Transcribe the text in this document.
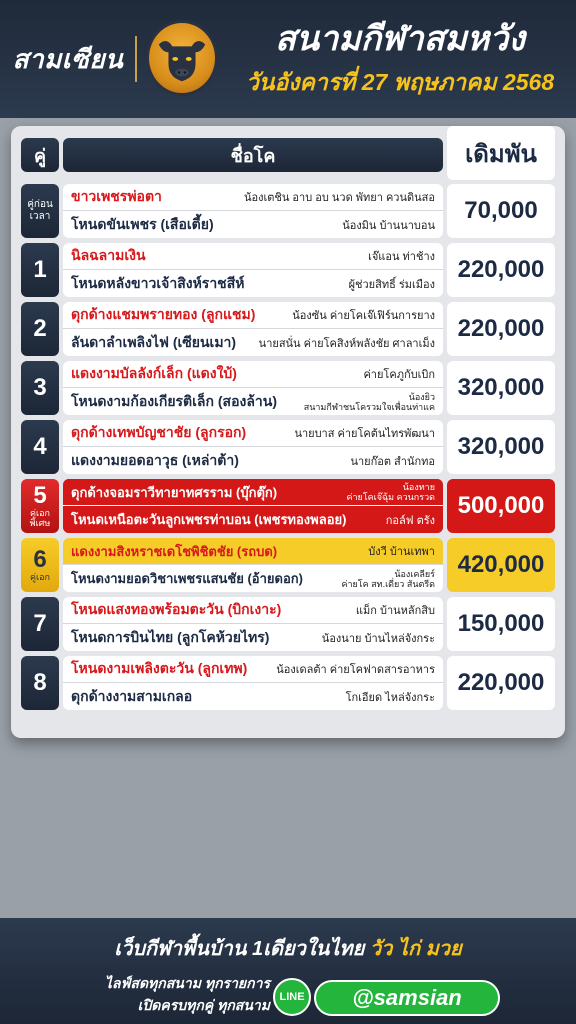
สามเซียน
สนามกีฬาสมหวัง
วันอังคารที่ 27 พฤษภาคม 2568
คู่	ชื่อโค	เดิมพัน
คู่ก่อน
เวลา
ขาวเพชรพ่อตา	น้องเตชิน อาบ อบ นวด พัทยา ควนดินสอ
โหนดขันเพชร (เสือเตี้ย)	น้องมิน บ้านนาบอน
70,000
1
นิลฉลามเงิน	เจ๊แอน ท่าช้าง
โหนดหลังขาวเจ้าสิงห์ราชสีห์	ผู้ช่วยสิทธิ์ ร่มเมือง
220,000
2
ดุกด้างแชมพรายทอง (ลูกแชม)	น้องซัน ค่ายโคเจ๊เฟิร์นการยาง
ลันดาลำเพลิงไฟ (เซียนเมา) นายสนั่น ค่ายโคสิงห์พลังชัย ศาลาเม็ง
220,000
3
แดงงามบัลลังก์เล็ก (แดงใบ้)	ค่ายโคภูกับเบิก
โหนดงามก้องเกียรติเล็ก (สองล้าน)	น้องยิว
สนามกีฬาชนโครวมใจเพื่อนท่าแค
320,000
4
ดุกด้างเทพบัญชาชัย (ลูกรอก)	นายบาส ค่ายโคต้นไทรพัฒนา
แดงงามยอดอาวุธ (เหล่าต้า)	นายก๊อต สำนักทอ
320,000
5
คู่เอก
พิเศษ
ดุกด้างจอมราวีทายาทศรราม (บุ๊กตุ๊ก)	น้องทาย
ค่ายโคเจ๊ฉุ้ม ควนกรวด
โหนดเหนือตะวันลูกเพชรท่าบอน (เพชรทองพลอย)	กอล์ฟ ตรัง
500,000
6
คู่เอก
แดงงามสิงหราชเดโชพิชิตชัย (รถบด)	บังวี บ้านเทพา
โหนดงามยอดวิชาเพชรแสนชัย (อ้ายดอก)	น้องเคลียร์
ค่ายโค สท.เดี่ยว สันตรีด
420,000
7
โหนดแสงทองพร้อมตะวัน (บิกเงาะ)	แม็ก บ้านหลักสิบ
โหนดการบินไทย (ลูกโคห้วยไทร)	น้องนาย บ้านไหล่จังกระ
150,000
8
โหนดงามเพลิงตะวัน (ลูกเทพ)	น้องเดลต้า ค่ายโคฟาดสารอาหาร
ดุกด้างงามสามเกลอ	โกเอียด ไหล่จังกระ
220,000
เว็บกีฬาพื้นบ้าน 1เดียวในไทย วัว ไก่ มวย
ไลฟ์สดทุกสนาม ทุกรายการ
เปิดครบทุกคู่ ทุกสนาม LINE	@samsian
